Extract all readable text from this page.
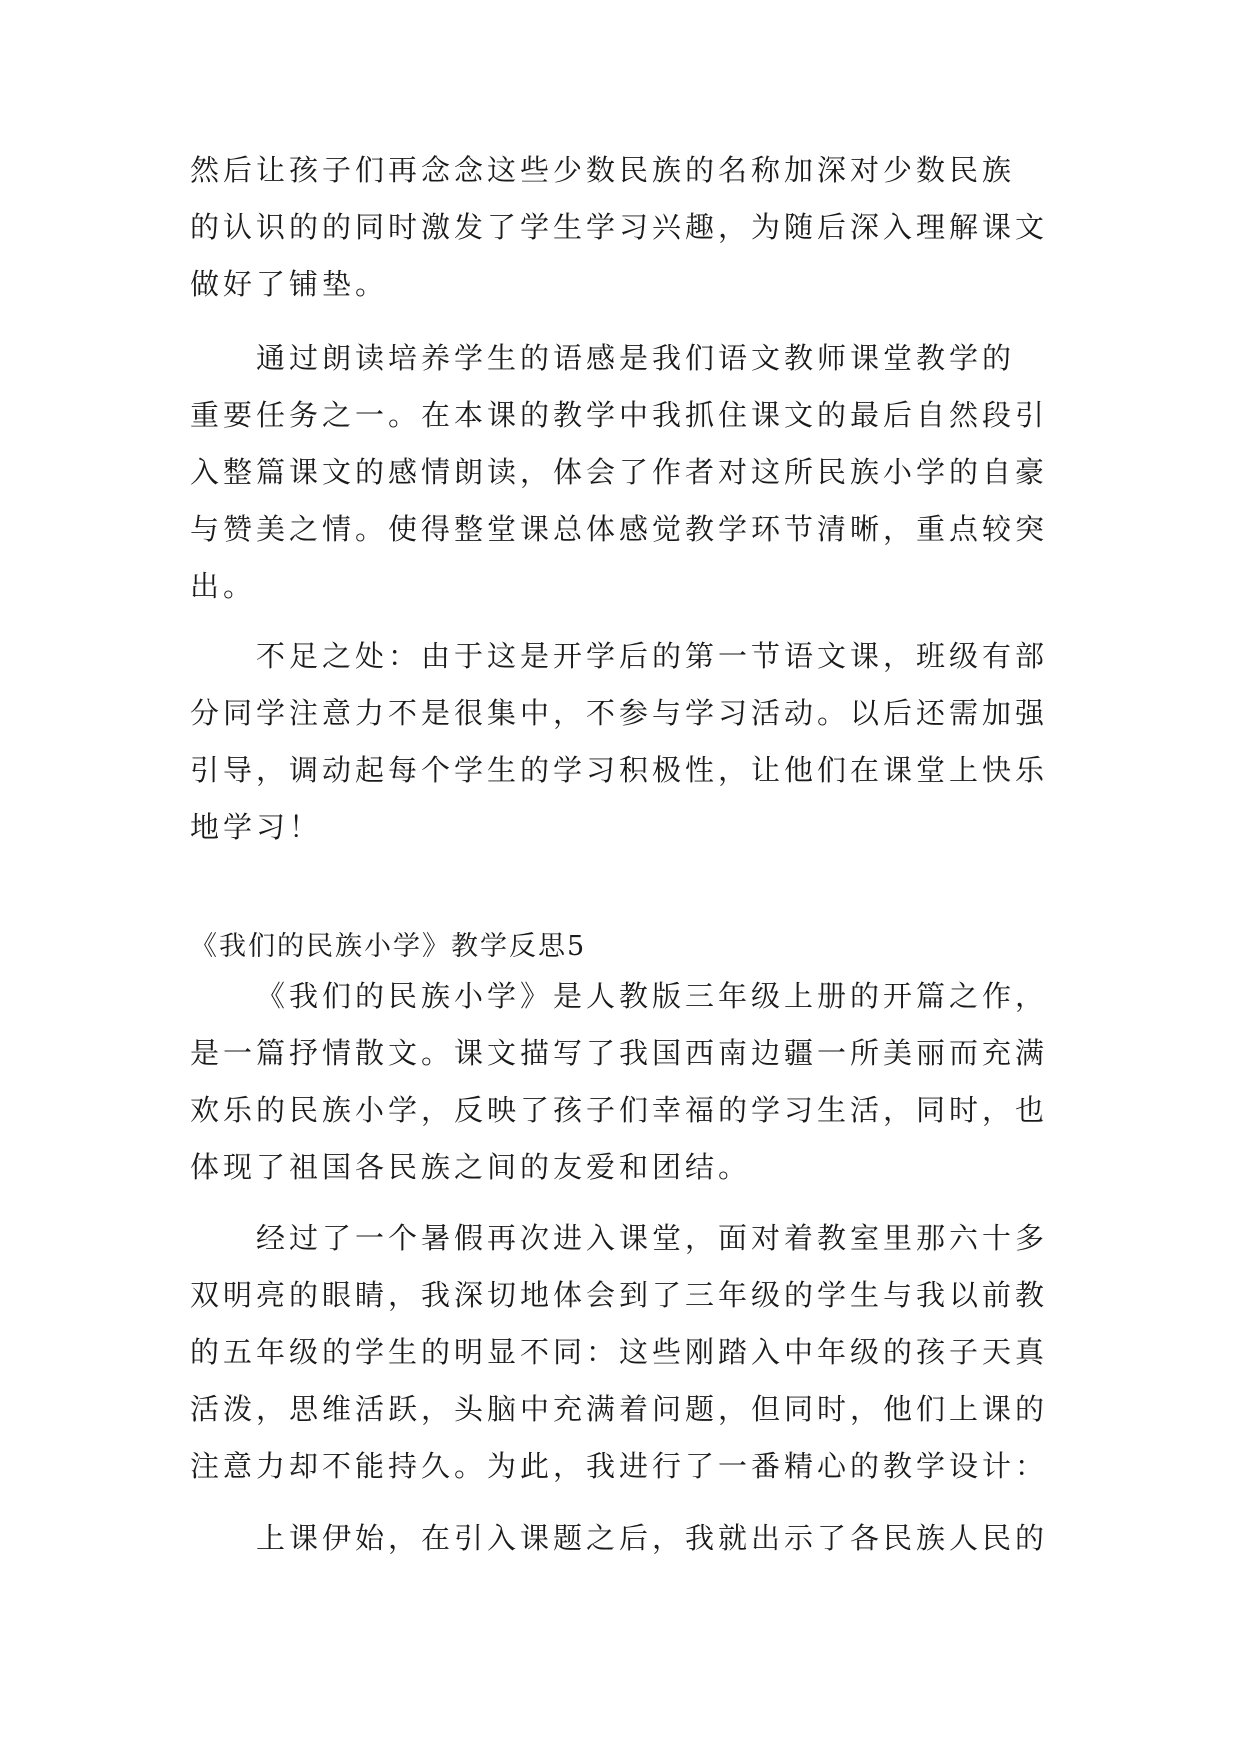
然后让孩子们再念念这些少数民族的名称加深对少数民族
的认识的的同时激发了学生学习兴趣，为随后深入理解课文
做好了铺垫。
通过朗读培养学生的语感是我们语文教师课堂教学的
重要任务之一。在本课的教学中我抓住课文的最后自然段引
入整篇课文的感情朗读，体会了作者对这所民族小学的自豪
与赞美之情。使得整堂课总体感觉教学环节清晰，重点较突
出。
不足之处：由于这是开学后的第一节语文课，班级有部
分同学注意力不是很集中，不参与学习活动。以后还需加强
引导，调动起每个学生的学习积极性，让他们在课堂上快乐
地学习！
《我们的民族小学》教学反思5
《我们的民族小学》是人教版三年级上册的开篇之作，
是一篇抒情散文。课文描写了我国西南边疆一所美丽而充满
欢乐的民族小学，反映了孩子们幸福的学习生活，同时，也
体现了祖国各民族之间的友爱和团结。
经过了一个暑假再次进入课堂，面对着教室里那六十多
双明亮的眼睛，我深切地体会到了三年级的学生与我以前教
的五年级的学生的明显不同：这些刚踏入中年级的孩子天真
活泼，思维活跃，头脑中充满着问题，但同时，他们上课的
注意力却不能持久。为此，我进行了一番精心的教学设计：
上课伊始，在引入课题之后，我就出示了各民族人民的
